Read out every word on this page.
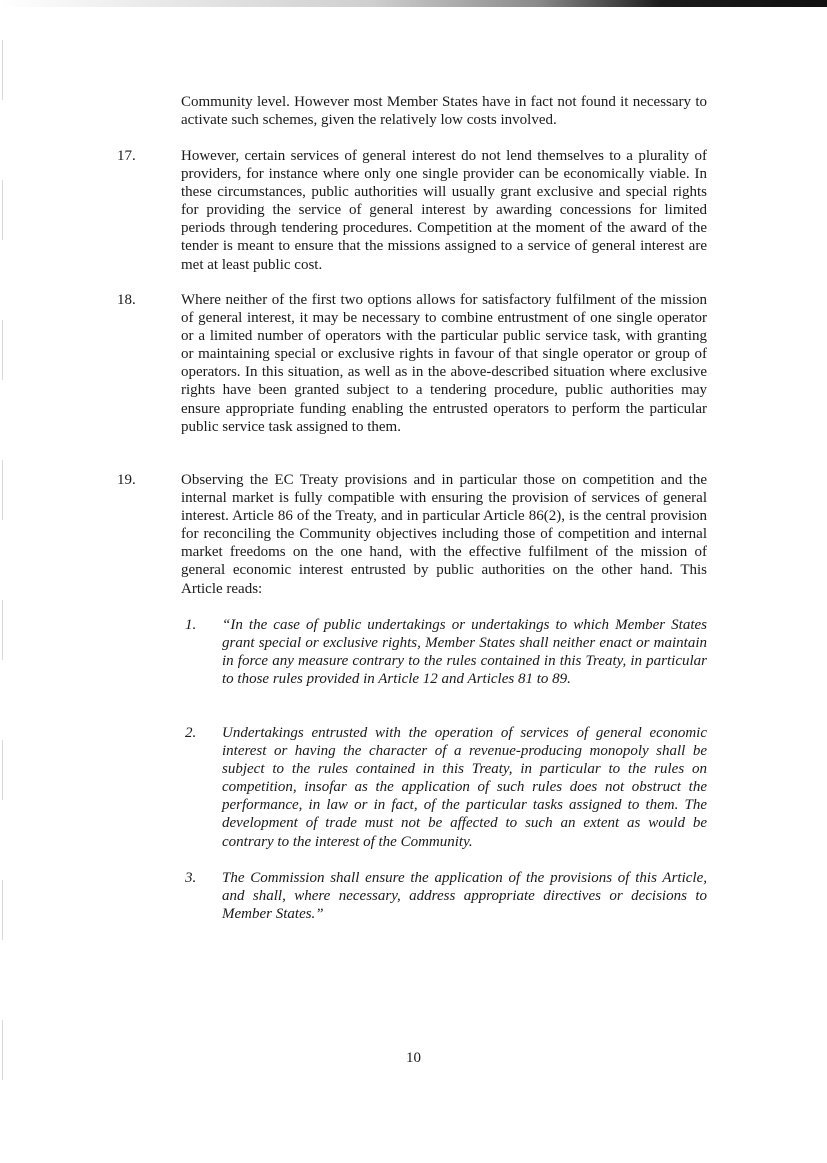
Community level. However most Member States have in fact not found it necessary to activate such schemes, given the relatively low costs involved.

17.	However, certain services of general interest do not lend themselves to a plurality of providers, for instance where only one single provider can be economically viable. In these circumstances, public authorities will usually grant exclusive and special rights for providing the service of general interest by awarding concessions for limited periods through tendering procedures. Competition at the moment of the award of the tender is meant to ensure that the missions assigned to a service of general interest are met at least public cost.

18.	Where neither of the first two options allows for satisfactory fulfilment of the mission of general interest, it may be necessary to combine entrustment of one single operator or a limited number of operators with the particular public service task, with granting or maintaining special or exclusive rights in favour of that single operator or group of operators. In this situation, as well as in the above-described situation where exclusive rights have been granted subject to a tendering procedure, public authorities may ensure appropriate funding enabling the entrusted operators to perform the particular public service task assigned to them.

19.	Observing the EC Treaty provisions and in particular those on competition and the internal market is fully compatible with ensuring the provision of services of general interest. Article 86 of the Treaty, and in particular Article 86(2), is the central provision for reconciling the Community objectives including those of competition and internal market freedoms on the one hand, with the effective fulfilment of the mission of general economic interest entrusted by public authorities on the other hand. This Article reads:

1. “In the case of public undertakings or undertakings to which Member States grant special or exclusive rights, Member States shall neither enact or maintain in force any measure contrary to the rules contained in this Treaty, in particular to those rules provided in Article 12 and Articles 81 to 89.

2. Undertakings entrusted with the operation of services of general economic interest or having the character of a revenue-producing monopoly shall be subject to the rules contained in this Treaty, in particular to the rules on competition, insofar as the application of such rules does not obstruct the performance, in law or in fact, of the particular tasks assigned to them. The development of trade must not be affected to such an extent as would be contrary to the interest of the Community.

3. The Commission shall ensure the application of the provisions of this Article, and shall, where necessary, address appropriate directives or decisions to Member States.”

10
